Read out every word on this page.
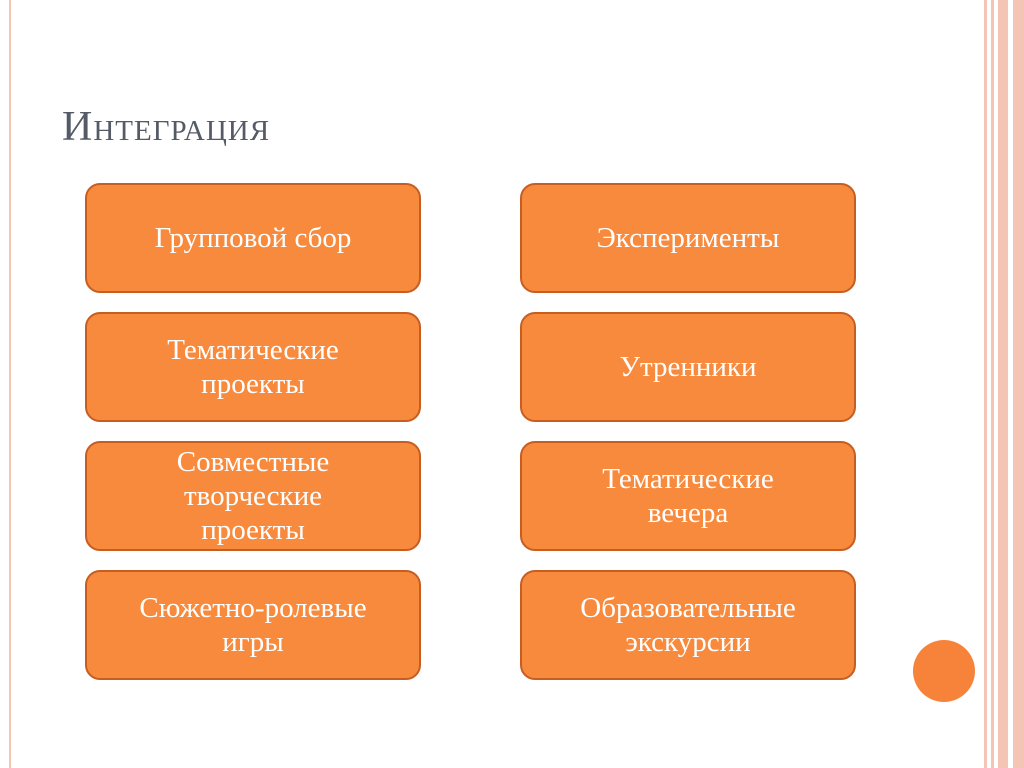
Интеграция
Групповой сбор
Тематические
проекты
Совместные
творческие
проекты
Сюжетно-ролевые
игры
Эксперименты
Утренники
Тематические
вечера
Образовательные
экскурсии
